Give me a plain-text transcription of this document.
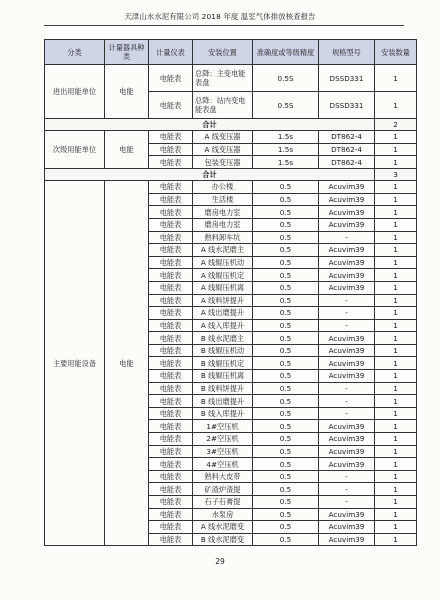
天津山水水泥有限公司 2018 年度 温室气体排放核查报告
分类	计量器具种类	计量仪表	安装位置	准确度或等级精度	规格型号	安装数量
进出用能单位	电能	电能表	总降：主变电能表盘	0.5S	DSSD331	1
		电能表	总降：站内变电能表盘	0.5S	DSSD331	1
合计						2
次级用能单位	电能	电能表	A 线变压器	1.5s	DT862-4	1
		电能表	A 线变压器	1.5s	DT862-4	1
		电能表	包装变压器	1.5s	DT862-4	1
合计						3
主要用能设备	电能	电能表	办公楼	0.5	Acuvim39	1
		电能表	生活楼	0.5	Acuvim39	1
		电能表	磨房电力室	0.5	Acuvim39	1
		电能表	磨房电力室	0.5	Acuvim39	1
		电能表	熟料卸车坑	0.5	-	1
		电能表	A 线水泥磨主	0.5	Acuvim39	1
		电能表	A 线辊压机动	0.5	Acuvim39	1
		电能表	A 线辊压机定	0.5	Acuvim39	1
		电能表	A 线辊压机离	0.5	Acuvim39	1
		电能表	A 线料饼提升	0.5	-	1
		电能表	A 线出磨提升	0.5	-	1
		电能表	A 线入库提升	0.5	-	1
		电能表	B 线水泥磨主	0.5	Acuvim39	1
		电能表	B 线辊压机动	0.5	Acuvim39	1
		电能表	B 线辊压机定	0.5	Acuvim39	1
		电能表	B 线辊压机离	0.5	Acuvim39	1
		电能表	B 线料饼提升	0.5	-	1
		电能表	B 线出磨提升	0.5	-	1
		电能表	B 线入库提升	0.5	-	1
		电能表	1#空压机	0.5	Acuvim39	1
		电能表	2#空压机	0.5	Acuvim39	1
		电能表	3#空压机	0.5	Acuvim39	1
		电能表	4#空压机	0.5	Acuvim39	1
		电能表	熟料大皮带	0.5	-	1
		电能表	矿渣炉渣提	0.5	-	1
		电能表	石子石膏提	0.5	-	1
		电能表	水泵房	0.5	Acuvim39	1
		电能表	A 线水泥磨变	0.5	Acuvim39	1
		电能表	B 线水泥磨变	0.5	Acuvim39	1
29
